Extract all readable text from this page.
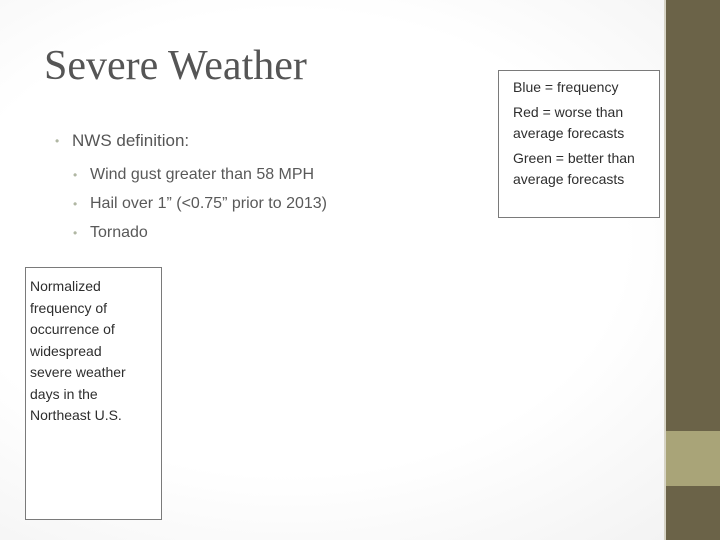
Severe Weather
• NWS definition:
• Wind gust greater than 58 MPH
• Hail over 1” (<0.75” prior to 2013)
• Tornado
Normalized
frequency of
occurrence of
widespread
severe weather
days in the
Northeast U.S.
Blue = frequency
Red = worse than average forecasts
Green = better than average forecasts
